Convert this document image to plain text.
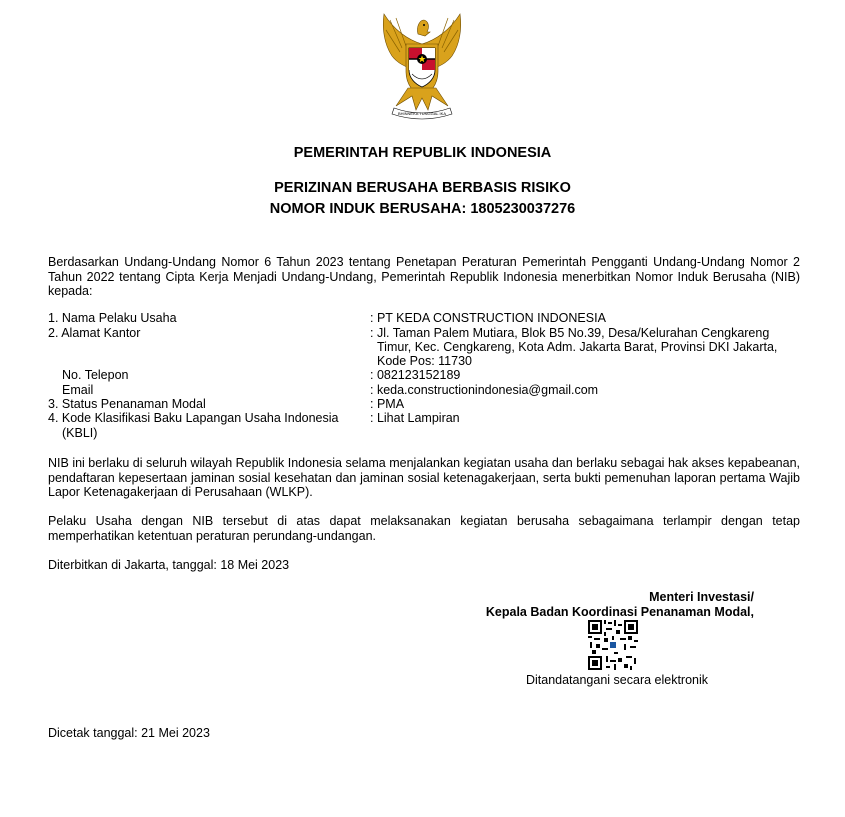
BHINNEKA TUNGGAL IKA
PEMERINTAH REPUBLIK INDONESIA
PERIZINAN BERUSAHA BERBASIS RISIKO
NOMOR INDUK BERUSAHA: 1805230037276
Berdasarkan Undang-Undang Nomor 6 Tahun 2023 tentang Penetapan Peraturan Pemerintah Pengganti Undang-Undang Nomor 2 Tahun 2022 tentang Cipta Kerja Menjadi Undang-Undang, Pemerintah Republik Indonesia menerbitkan Nomor Induk Berusaha (NIB) kepada:
1. Nama Pelaku Usaha	: PT KEDA CONSTRUCTION INDONESIA
2. Alamat Kantor	: Jl. Taman Palem Mutiara, Blok B5 No.39, Desa/Kelurahan Cengkareng
Timur, Kec. Cengkareng, Kota Adm. Jakarta Barat, Provinsi DKI Jakarta,
Kode Pos: 11730
No. Telepon	: 082123152189
Email	: keda.constructionindonesia@gmail.com
3. Status Penanaman Modal	: PMA
4. Kode Klasifikasi Baku Lapangan Usaha Indonesia	: Lihat Lampiran
(KBLI)
NIB ini berlaku di seluruh wilayah Republik Indonesia selama menjalankan kegiatan usaha dan berlaku sebagai hak akses kepabeanan, pendaftaran kepesertaan jaminan sosial kesehatan dan jaminan sosial ketenagakerjaan, serta bukti pemenuhan laporan pertama Wajib Lapor Ketenagakerjaan di Perusahaan (WLKP).
Pelaku Usaha dengan NIB tersebut di atas dapat melaksanakan kegiatan berusaha sebagaimana terlampir dengan tetap memperhatikan ketentuan peraturan perundang-undangan.
Diterbitkan di Jakarta, tanggal: 18 Mei 2023
Menteri Investasi/
Kepala Badan Koordinasi Penanaman Modal,
Ditandatangani secara elektronik
Dicetak tanggal: 21 Mei 2023
